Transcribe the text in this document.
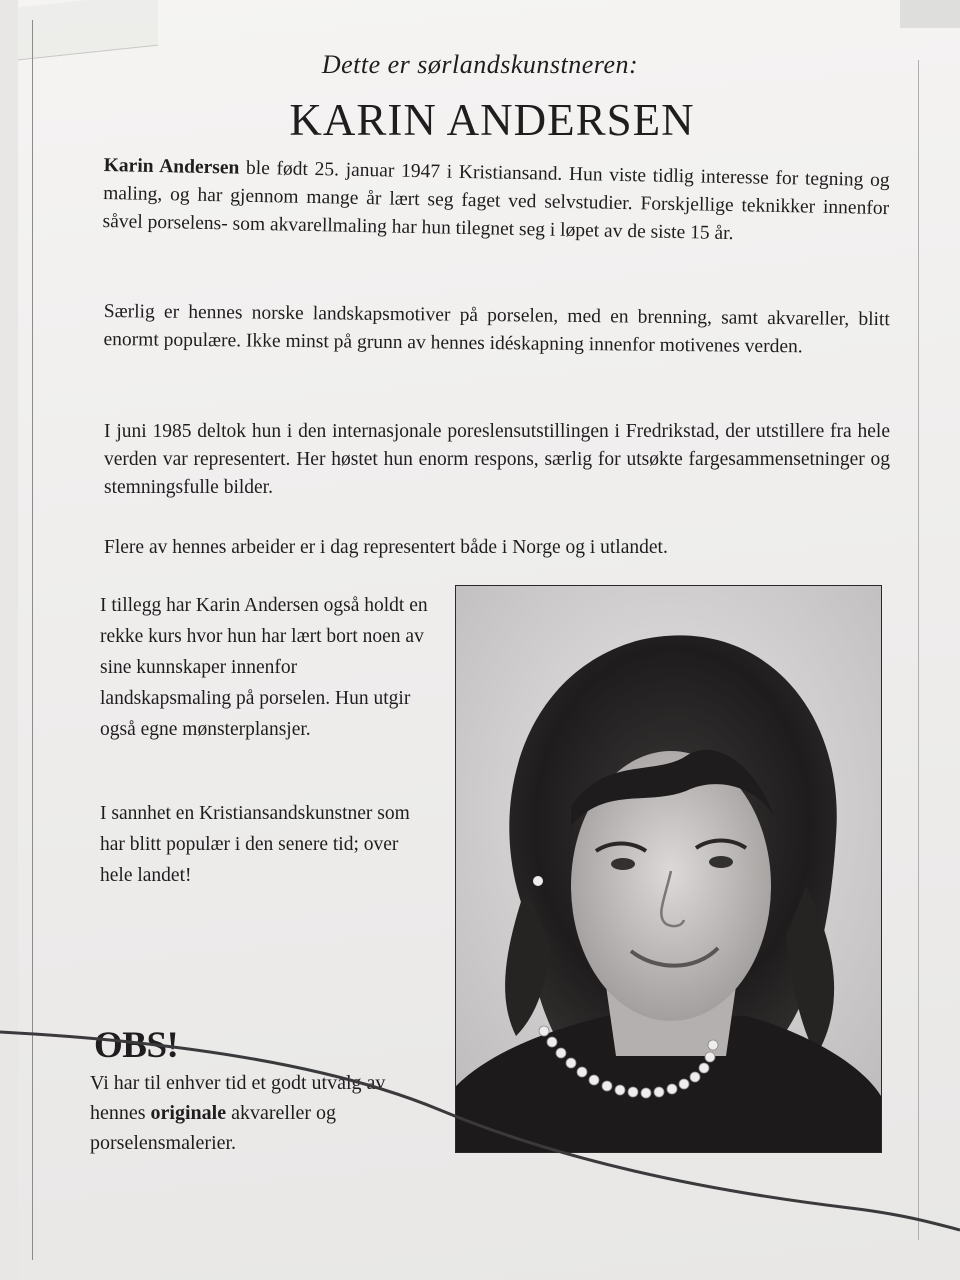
Dette er sørlandskunstneren:
KARIN ANDERSEN
Karin Andersen ble født 25. januar 1947 i Kristiansand. Hun viste tidlig interesse for tegning og maling, og har gjennom mange år lært seg faget ved selvstudier. Forskjellige teknikker innenfor såvel porselens- som akvarellmaling har hun tilegnet seg i løpet av de siste 15 år.
Særlig er hennes norske landskapsmotiver på porselen, med en brenning, samt akvareller, blitt enormt populære. Ikke minst på grunn av hennes idéskapning innenfor motivenes verden.
I juni 1985 deltok hun i den internasjonale poreslensutstillingen i Fredrikstad, der utstillere fra hele verden var representert. Her høstet hun enorm respons, særlig for utsøkte fargesammensetninger og stemningsfulle bilder.
Flere av hennes arbeider er i dag representert både i Norge og i utlandet.
I tillegg har Karin Andersen også holdt en rekke kurs hvor hun har lært bort noen av sine kunnskaper innenfor landskapsmaling på porselen. Hun utgir også egne mønsterplansjer.
I sannhet en Kristiansandskunstner som har blitt populær i den senere tid; over hele landet!
OBS!
Vi har til enhver tid et godt utvalg av hennes originale akvareller og porselensmalerier.
